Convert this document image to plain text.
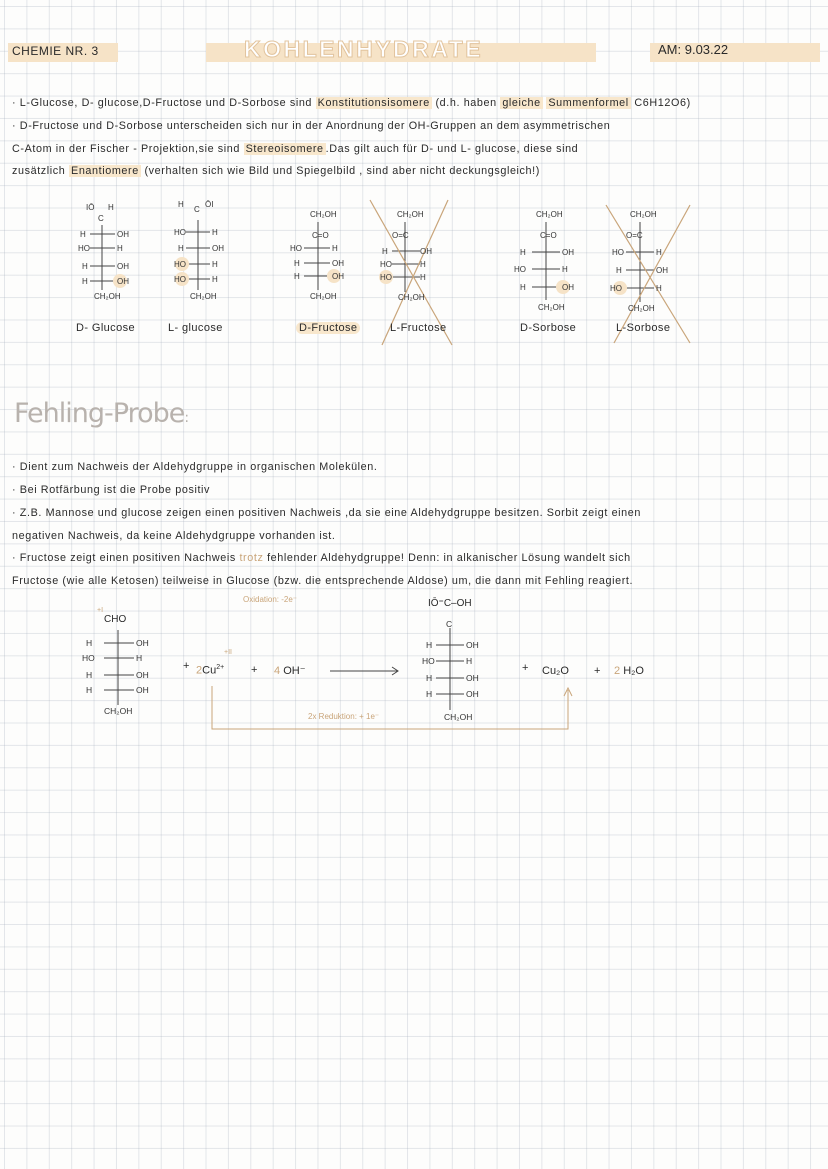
CHEMIE NR. 3	KOHLENHYDRATE	AM: 9.03.22
· L-Glucose, D- glucose,D-Fructose und D-Sorbose sind Konstitutionsisomere (d.h. haben gleiche Summenformel C6H12O6)
· D-Fructose und D-Sorbose unterscheiden sich nur in der Anordnung der OH-Gruppen an dem asymmetrischen
C-Atom in der Fischer - Projektion,sie sind Stereoisomere .Das gilt auch für D- und L- glucose, diese sind
zusätzlich Enantiomere (verhalten sich wie Bild und Spiegelbild , sind aber nicht deckungsgleich!)
IŌ H
C
H	OH
HO	H
H	OH
H	OH
CH₂OH
H
C
ŌI
HO	H
H	OH
HO	H
HO	H
CH₂OH
CH₂OH
C=O
HO	H
H	OH
H	OH
CH₂OH
CH₂OH
O=C
H	OH
HO	H
HO	H
CH₂OH
CH₂OH
C=O
H	OH
HO	H
H	OH
CH₂OH
CH₂OH
O=C
HO	H
H	OH
HO	H
CH₂OH
D- Glucose	L- glucose	D-Fructose	L-Fructose	D-Sorbose	L-Sorbose
Fehling-Probe:
· Dient zum Nachweis der Aldehydgruppe in organischen Molekülen.
· Bei Rotfärbung ist die Probe positiv
· Z.B. Mannose und glucose zeigen einen positiven Nachweis ,da sie eine Aldehydgruppe besitzen. Sorbit zeigt einen
negativen Nachweis, da keine Aldehydgruppe vorhanden ist.
· Fructose zeigt einen positiven Nachweis trotz fehlender Aldehydgruppe! Denn: in alkanischer Lösung wandelt sich
Fructose (wie alle Ketosen) teilweise in Glucose (bzw. die entsprechende Aldose) um, die dann mit Fehling reagiert.
H	OH
HO	H
H	OH
H	OH
CH₂OH
H	OH
HO	H
H	OH
H	OH
CH₂OH
C
Oxidation: -2e⁻
+I
CHO
+ $2Cu^{2+}$
+II
+ 4 OH⁻
IŌ⁼C–OH
+ Cu₂O + 2 H₂O
2x Reduktion: + 1e⁻
